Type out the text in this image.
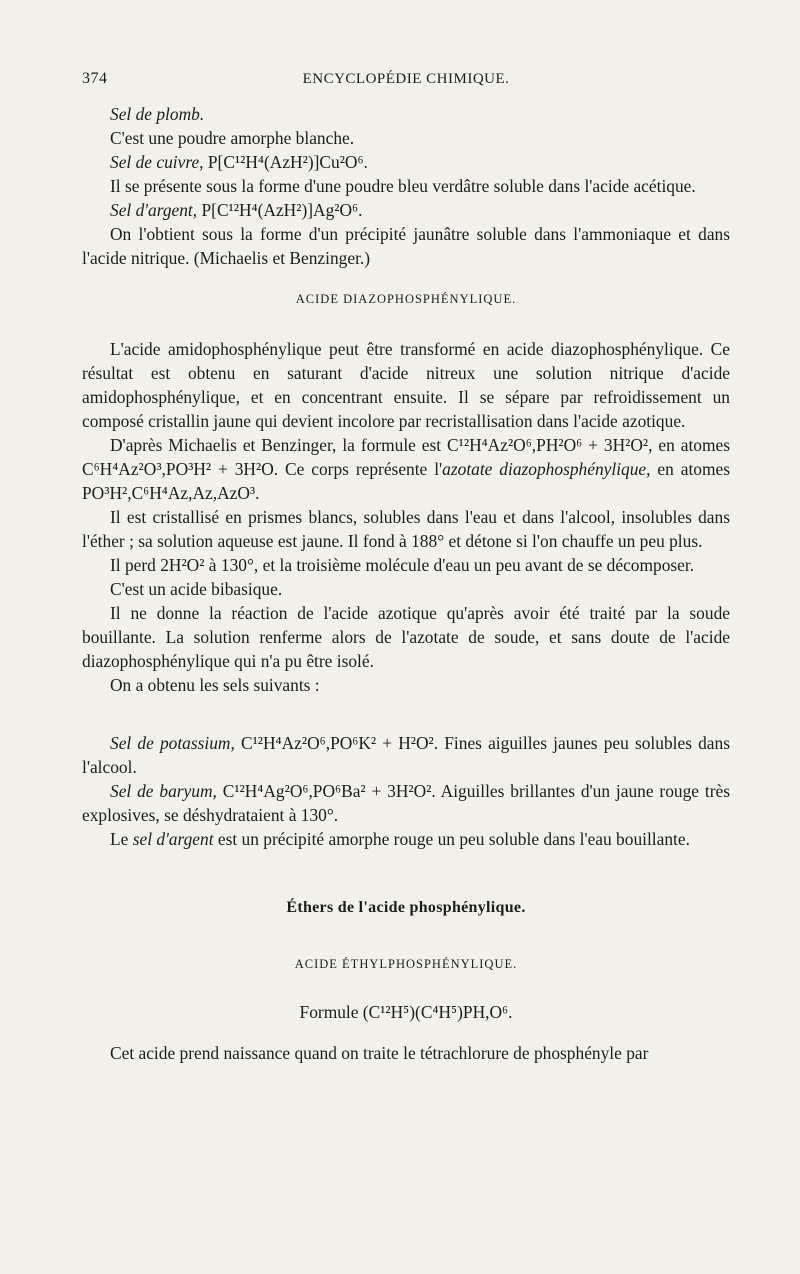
374	ENCYCLOPÉDIE CHIMIQUE.

Sel de plomb.

C'est une poudre amorphe blanche.

Sel de cuivre, P[C¹²H⁴(AzH²)]Cu²O⁶.

Il se présente sous la forme d'une poudre bleu verdâtre soluble dans l'acide acétique.

Sel d'argent, P[C¹²H⁴(AzH²)]Ag²O⁶.

On l'obtient sous la forme d'un précipité jaunâtre soluble dans l'ammoniaque et dans l'acide nitrique. (Michaelis et Benzinger.)

ACIDE DIAZOPHOSPHÉNYLIQUE.

L'acide amidophosphénylique peut être transformé en acide diazophosphénylique. Ce résultat est obtenu en saturant d'acide nitreux une solution nitrique d'acide amidophosphénylique, et en concentrant ensuite. Il se sépare par refroidissement un composé cristallin jaune qui devient incolore par recristallisation dans l'acide azotique.

D'après Michaelis et Benzinger, la formule est C¹²H⁴Az²O⁶,PH²O⁶ + 3H²O², en atomes C⁶H⁴Az²O³,PO³H² + 3H²O. Ce corps représente l'azotate diazophosphénylique, en atomes PO³H²,C⁶H⁴Az,Az,AzO³.

Il est cristallisé en prismes blancs, solubles dans l'eau et dans l'alcool, insolubles dans l'éther ; sa solution aqueuse est jaune. Il fond à 188° et détone si l'on chauffe un peu plus.

Il perd 2H²O² à 130°, et la troisième molécule d'eau un peu avant de se décomposer.

C'est un acide bibasique.

Il ne donne la réaction de l'acide azotique qu'après avoir été traité par la soude bouillante. La solution renferme alors de l'azotate de soude, et sans doute de l'acide diazophosphénylique qui n'a pu être isolé.

On a obtenu les sels suivants :

Sel de potassium, C¹²H⁴Az²O⁶,PO⁶K² + H²O². Fines aiguilles jaunes peu solubles dans l'alcool.

Sel de baryum, C¹²H⁴Ag²O⁶,PO⁶Ba² + 3H²O². Aiguilles brillantes d'un jaune rouge très explosives, se déshydrataient à 130°.

Le sel d'argent est un précipité amorphe rouge un peu soluble dans l'eau bouillante.

Éthers de l'acide phosphénylique.
ACIDE ÉTHYLPHOSPHÉNYLIQUE.
Formule (C¹²H⁵)(C⁴H⁵)PH,O⁶.

Cet acide prend naissance quand on traite le tétrachlorure de phosphényle par
